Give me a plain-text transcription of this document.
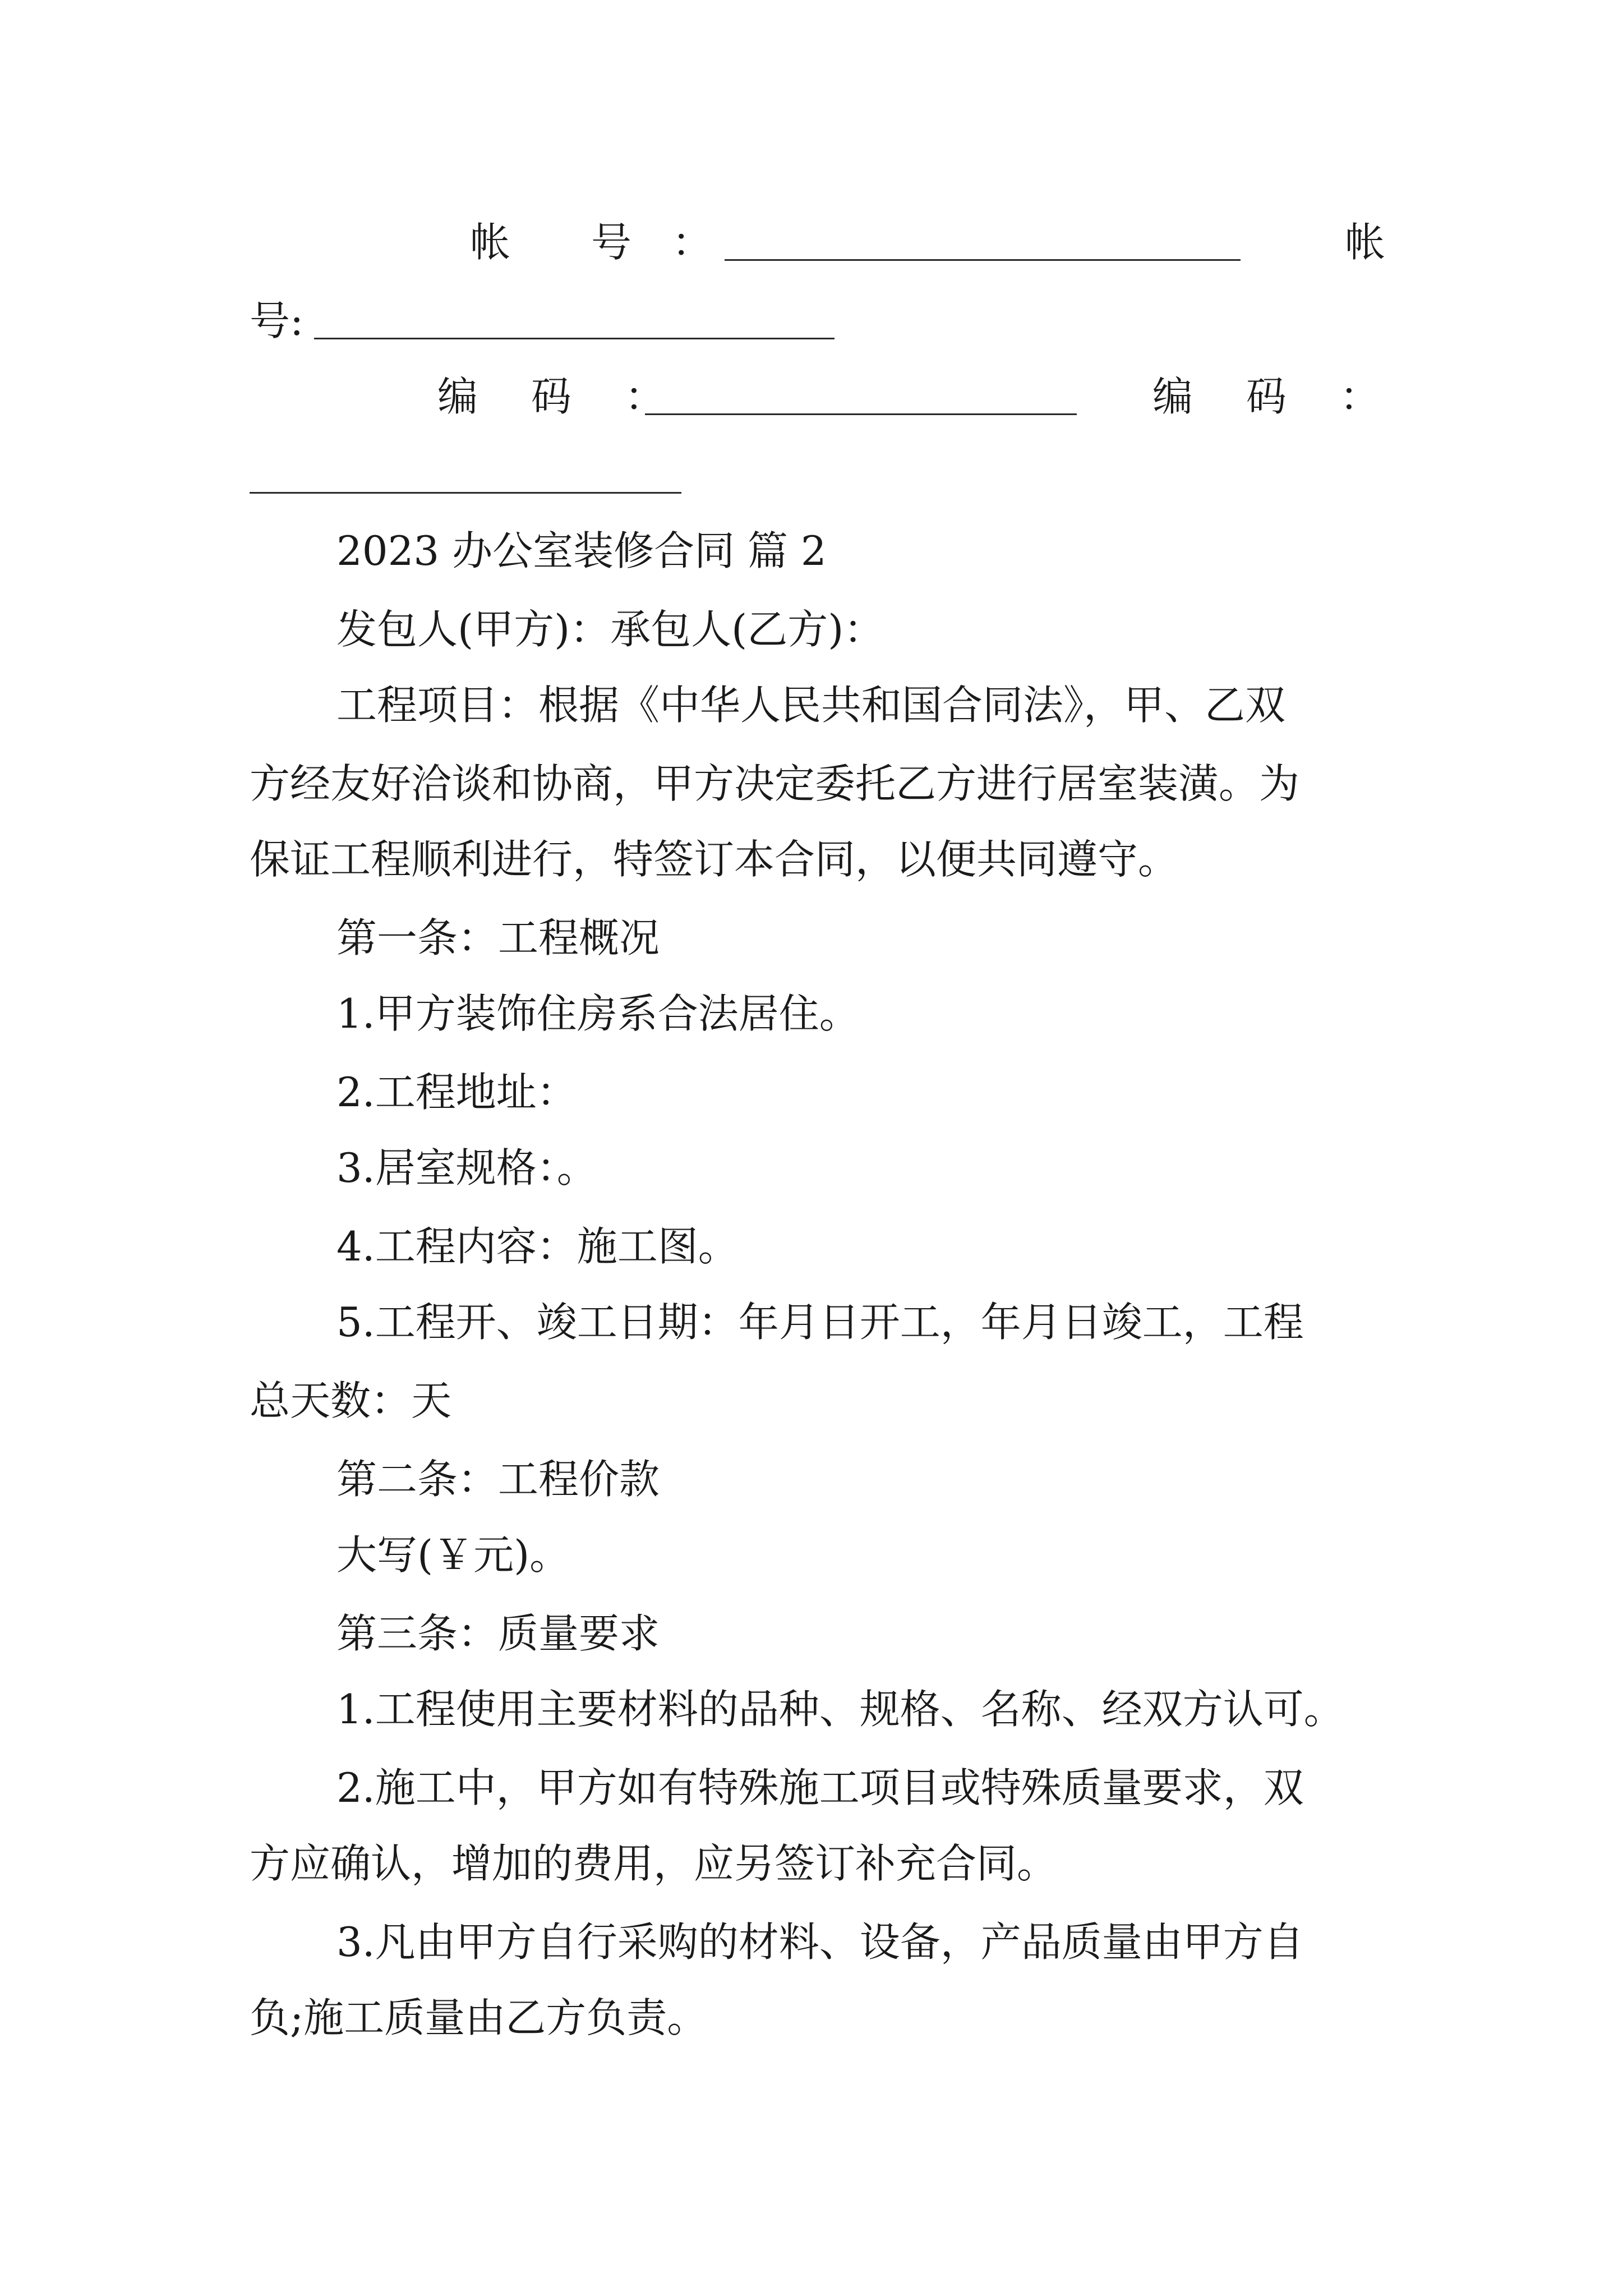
帐　　号　：	帐
号:
编　 码 　：	编　 码 　：
2023 办公室装修合同 篇 2
发包人(甲方)：承包人(乙方)：
工程项目：根据《中华人民共和国合同法》，甲、乙双
方经友好洽谈和协商，甲方决定委托乙方进行居室装潢。为
保证工程顺利进行，特签订本合同，以便共同遵守。
第一条：工程概况
1.甲方装饰住房系合法居住。
2.工程地址：
3.居室规格：。
4.工程内容：施工图。
5.工程开、竣工日期：年月日开工，年月日竣工，工程
总天数：天
第二条：工程价款
大写(￥元)。
第三条：质量要求
1.工程使用主要材料的品种、规格、名称、经双方认可。
2.施工中，甲方如有特殊施工项目或特殊质量要求，双
方应确认，增加的费用，应另签订补充合同。
3.凡由甲方自行采购的材料、设备，产品质量由甲方自
负;施工质量由乙方负责。
